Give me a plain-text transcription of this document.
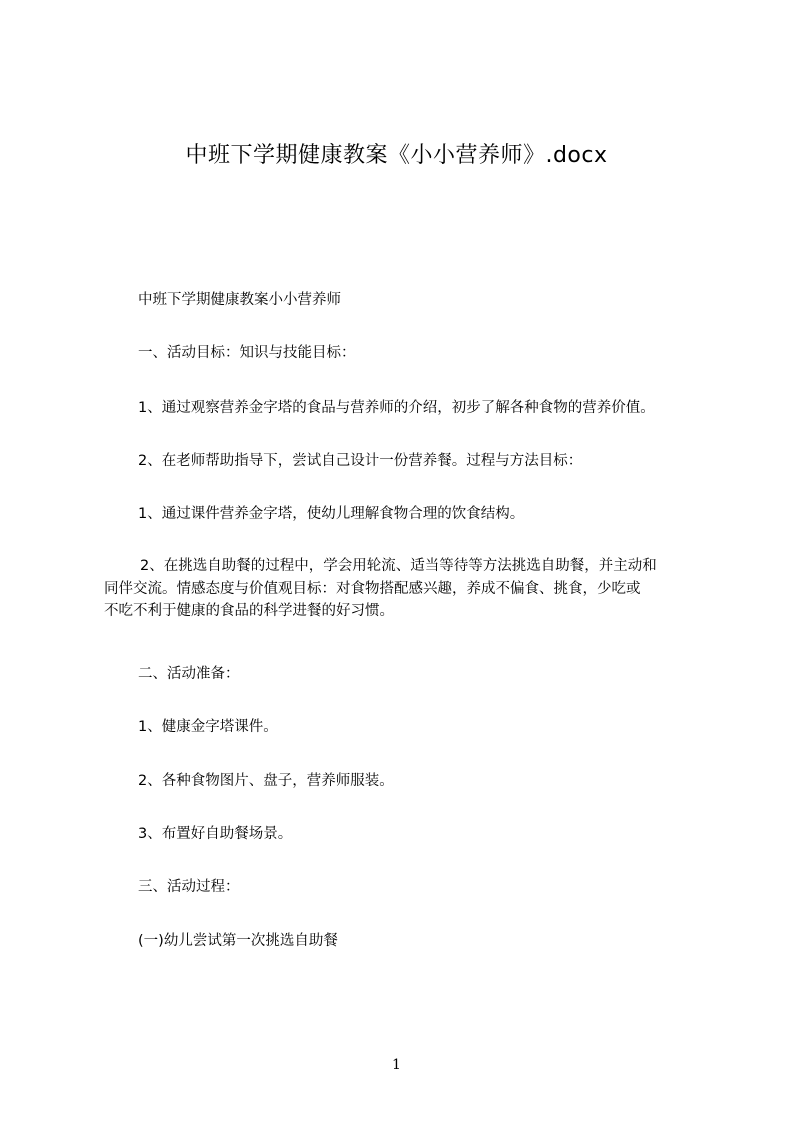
中班下学期健康教案《小小营养师》.docx
中班下学期健康教案小小营养师
一、活动目标：知识与技能目标：
1、通过观察营养金字塔的食品与营养师的介绍，初步了解各种食物的营养价值。
2、在老师帮助指导下，尝试自己设计一份营养餐。过程与方法目标：
1、通过课件营养金字塔，使幼儿理解食物合理的饮食结构。
2、在挑选自助餐的过程中，学会用轮流、适当等待等方法挑选自助餐，并主动和
同伴交流。情感态度与价值观目标：对食物搭配感兴趣，养成不偏食、挑食，少吃或
不吃不利于健康的食品的科学进餐的好习惯。
二、活动准备：
1、健康金字塔课件。
2、各种食物图片、盘子，营养师服装。
3、布置好自助餐场景。
三、活动过程：
(一)幼儿尝试第一次挑选自助餐
1
